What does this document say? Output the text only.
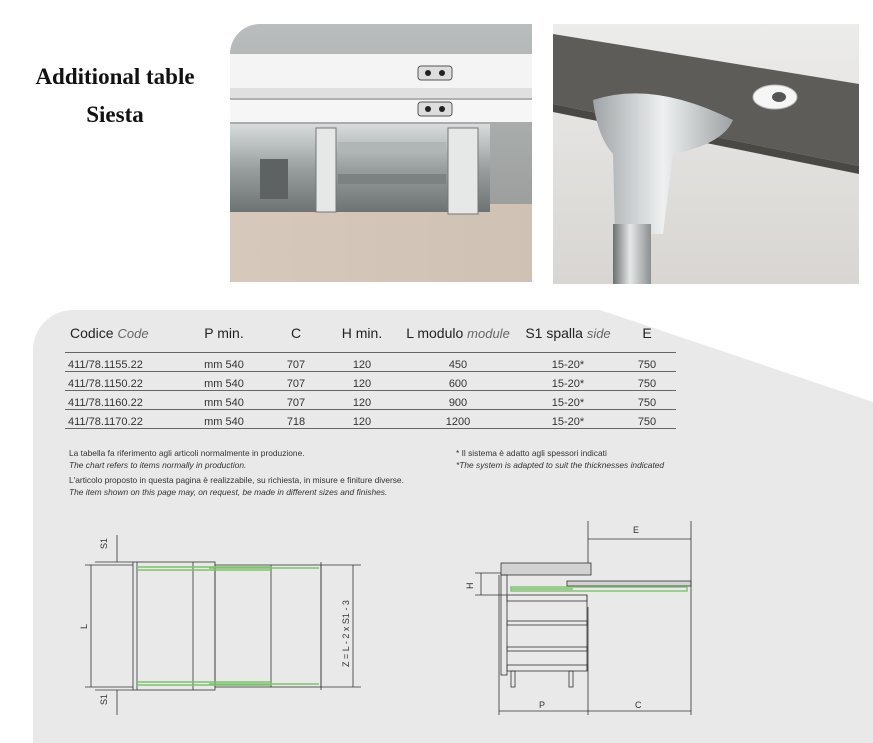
Additional table
Siesta
Codice Code	P min.	C	H min.	L modulo module	S1 spalla side	E
411/78.1155.22	mm 540	707	120	450	15-20*	750
411/78.1150.22	mm 540	707	120	600	15-20*	750
411/78.1160.22	mm 540	707	120	900	15-20*	750
411/78.1170.22	mm 540	718	120	1200	15-20*	750
La tabella fa riferimento agli articoli normalmente in produzione.
The chart refers to items normally in production.
L'articolo proposto in questa pagina è realizzabile, su richiesta, in misure e finiture diverse.
The item shown on this page may, on request, be made in different sizes and finishes.
* Il sistema è adatto agli spessori indicati
*The system is adapted to suit the thicknesses indicated
S1
S1
L	Z = L - 2 x S1 - 3
E
H
P	C
